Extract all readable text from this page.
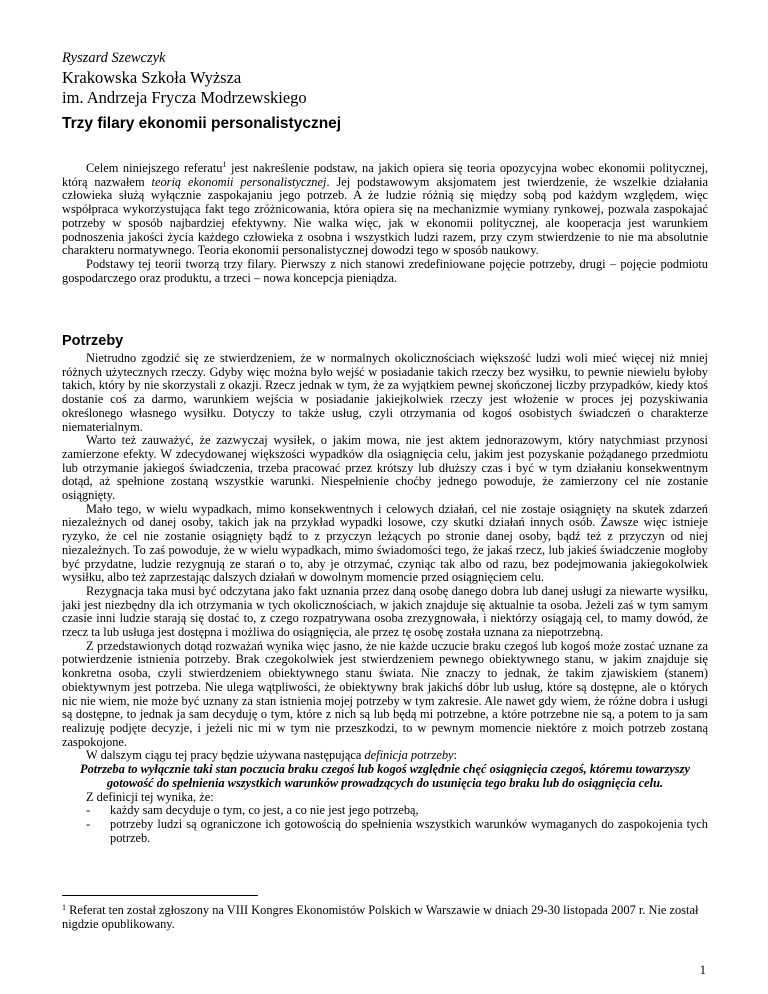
Ryszard Szewczyk
Krakowska Szkoła Wyższa
im. Andrzeja Frycza Modrzewskiego
Trzy filary ekonomii personalistycznej

Celem niniejszego referatu$^1$ jest nakreślenie podstaw, na jakich opiera się teoria opozycyjna wobec ekonomii politycznej, którą nazwałem teorią ekonomii personalistycznej. Jej podstawowym aksjomatem jest twierdzenie, że wszelkie działania człowieka służą wyłącznie zaspokajaniu jego potrzeb. A że ludzie różnią się między sobą pod każdym względem, więc współpraca wykorzystująca fakt tego zróżnicowania, która opiera się na mechanizmie wymiany rynkowej, pozwala zaspokajać potrzeby w sposób najbardziej efektywny. Nie walka więc, jak w ekonomii politycznej, ale kooperacja jest warunkiem podnoszenia jakości życia każdego człowieka z osobna i wszystkich ludzi razem, przy czym stwierdzenie to nie ma absolutnie charakteru normatywnego. Teoria ekonomii personalistycznej dowodzi tego w sposób naukowy.

Podstawy tej teorii tworzą trzy filary. Pierwszy z nich stanowi zredefiniowane pojęcie potrzeby, drugi – pojęcie podmiotu gospodarczego oraz produktu, a trzeci – nowa koncepcja pieniądza.

Potrzeby

Nietrudno zgodzić się ze stwierdzeniem, że w normalnych okolicznościach większość ludzi woli mieć więcej niż mniej różnych użytecznych rzeczy. Gdyby więc można było wejść w posiadanie takich rzeczy bez wysiłku, to pewnie niewielu byłoby takich, który by nie skorzystali z okazji. Rzecz jednak w tym, że za wyjątkiem pewnej skończonej liczby przypadków, kiedy ktoś dostanie coś za darmo, warunkiem wejścia w posiadanie jakiejkolwiek rzeczy jest włożenie w proces jej pozyskiwania określonego własnego wysiłku. Dotyczy to także usług, czyli otrzymania od kogoś osobistych świadczeń o charakterze niematerialnym.

Warto też zauważyć, że zazwyczaj wysiłek, o jakim mowa, nie jest aktem jednorazowym, który natychmiast przynosi zamierzone efekty. W zdecydowanej większości wypadków dla osiągnięcia celu, jakim jest pozyskanie pożądanego przedmiotu lub otrzymanie jakiegoś świadczenia, trzeba pracować przez krótszy lub dłuższy czas i być w tym działaniu konsekwentnym dotąd, aż spełnione zostaną wszystkie warunki. Niespełnienie choćby jednego powoduje, że zamierzony cel nie zostanie osiągnięty.

Mało tego, w wielu wypadkach, mimo konsekwentnych i celowych działań, cel nie zostaje osiągnięty na skutek zdarzeń niezależnych od danej osoby, takich jak na przykład wypadki losowe, czy skutki działań innych osób. Zawsze więc istnieje ryzyko, że cel nie zostanie osiągnięty bądź to z przyczyn leżących po stronie danej osoby, bądź też z przyczyn od niej niezależnych. To zaś powoduje, że w wielu wypadkach, mimo świadomości tego, że jakaś rzecz, lub jakieś świadczenie mogłoby być przydatne, ludzie rezygnują ze starań o to, aby je otrzymać, czyniąc tak albo od razu, bez podejmowania jakiegokolwiek wysiłku, albo też zaprzestając dalszych działań w dowolnym momencie przed osiągnięciem celu.

Rezygnacja taka musi być odczytana jako fakt uznania przez daną osobę danego dobra lub danej usługi za niewarte wysiłku, jaki jest niezbędny dla ich otrzymania w tych okolicznościach, w jakich znajduje się aktualnie ta osoba. Jeżeli zaś w tym samym czasie inni ludzie starają się dostać to, z czego rozpatrywana osoba zrezygnowała, i niektórzy osiągają cel, to mamy dowód, że rzecz ta lub usługa jest dostępna i możliwa do osiągnięcia, ale przez tę osobę została uznana za niepotrzebną.

Z przedstawionych dotąd rozważań wynika więc jasno, że nie każde uczucie braku czegoś lub kogoś może zostać uznane za potwierdzenie istnienia potrzeby. Brak czegokolwiek jest stwierdzeniem pewnego obiektywnego stanu, w jakim znajduje się konkretna osoba, czyli stwierdzeniem obiektywnego stanu świata. Nie znaczy to jednak, że takim zjawiskiem (stanem) obiektywnym jest potrzeba. Nie ulega wątpliwości, że obiektywny brak jakichś dóbr lub usług, które są dostępne, ale o których nic nie wiem, nie może być uznany za stan istnienia mojej potrzeby w tym zakresie. Ale nawet gdy wiem, że różne dobra i usługi są dostępne, to jednak ja sam decyduję o tym, które z nich są lub będą mi potrzebne, a które potrzebne nie są, a potem to ja sam realizuję podjęte decyzje, i jeżeli nic mi w tym nie przeszkodzi, to w pewnym momencie niektóre z moich potrzeb zostaną zaspokojone.

W dalszym ciągu tej pracy będzie używana następująca definicja potrzeby:

Potrzeba to wyłącznie taki stan poczucia braku czegoś lub kogoś względnie chęć osiągnięcia czegoś, któremu towarzyszy gotowość do spełnienia wszystkich warunków prowadzących do usunięcia tego braku lub do osiągnięcia celu.

Z definicji tej wynika, że:

- każdy sam decyduje o tym, co jest, a co nie jest jego potrzebą,
- potrzeby ludzi są ograniczone ich gotowością do spełnienia wszystkich warunków wymaganych do zaspokojenia tych potrzeb.
$^1$ Referat ten został zgłoszony na VIII Kongres Ekonomistów Polskich w Warszawie w dniach 29-30 listopada 2007 r. Nie został nigdzie opublikowany.
1
